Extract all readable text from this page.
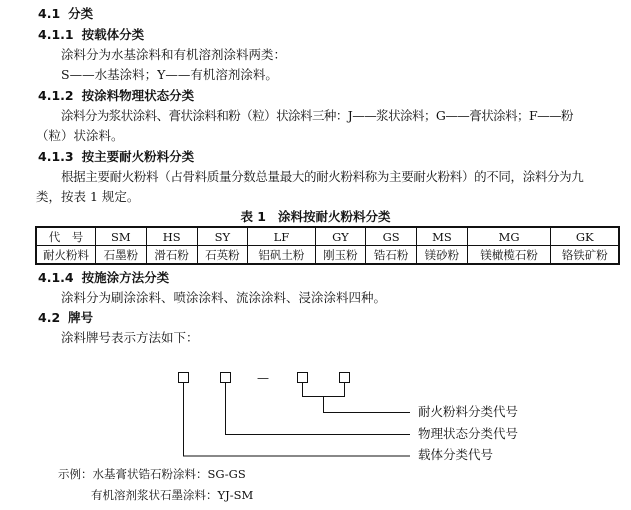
4.1 分类
4.1.1 按载体分类
涂料分为水基涂料和有机溶剂涂料两类：
S——水基涂料；Y——有机溶剂涂料。
4.1.2 按涂料物理状态分类
涂料分为浆状涂料、膏状涂料和粉（粒）状涂料三种：J——浆状涂料；G——膏状涂料；F——粉
（粒）状涂料。
4.1.3 按主要耐火粉料分类
根据主要耐火粉料（占骨料质量分数总量最大的耐火粉料称为主要耐火粉料）的不同，涂料分为九
类，按表 1 规定。
表 1 涂料按耐火粉料分类
代　号	SM	HS	SY	LF	GY	GS	MS	MG	GK
耐火粉料	石墨粉	滑石粉	石英粉	铝矾土粉	刚玉粉	锆石粉	镁砂粉	镁橄榄石粉	铬铁矿粉
4.1.4 按施涂方法分类
涂料分为刷涂涂料、喷涂涂料、流涂涂料、浸涂涂料四种。
4.2 牌号
涂料牌号表示方法如下：
—
耐火粉料分类代号
物理状态分类代号
载体分类代号
示例：水基膏状锆石粉涂料：SG-GS
有机溶剂浆状石墨涂料：YJ-SM
